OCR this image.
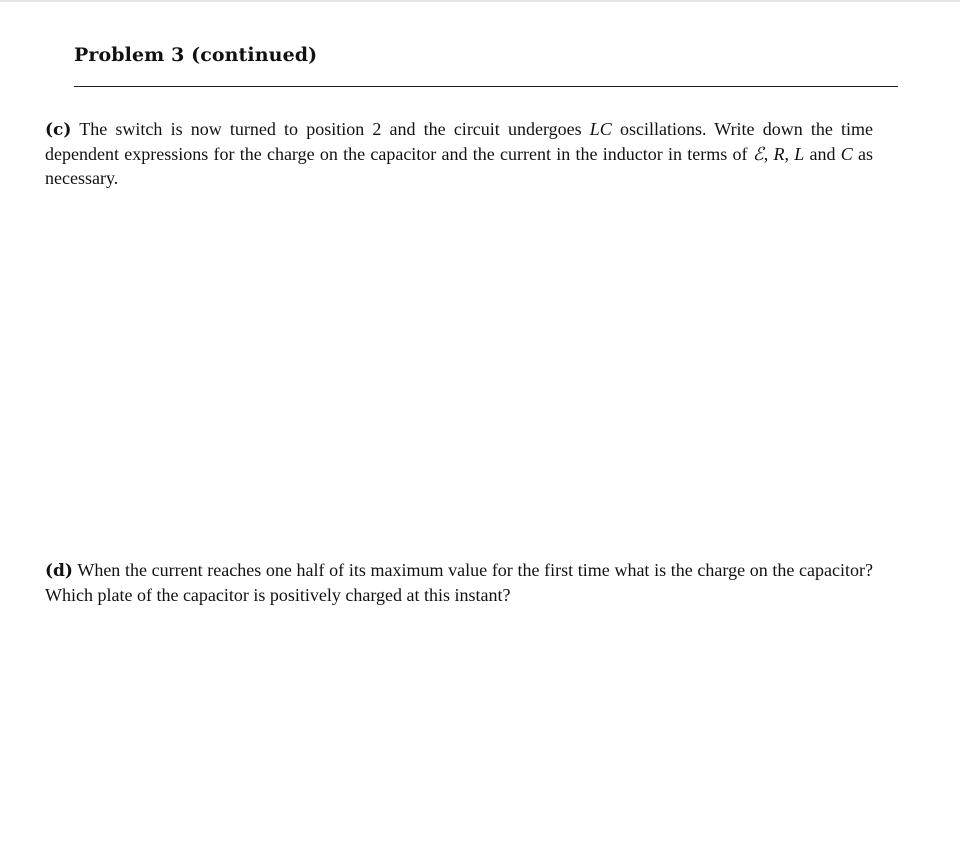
Problem 3 (continued)
(c) The switch is now turned to position 2 and the circuit undergoes LC oscillations. Write down the time dependent expressions for the charge on the capacitor and the current in the inductor in terms of ℰ, R, L and C as necessary.
(d) When the current reaches one half of its maximum value for the first time what is the charge on the capacitor? Which plate of the capacitor is positively charged at this instant?
